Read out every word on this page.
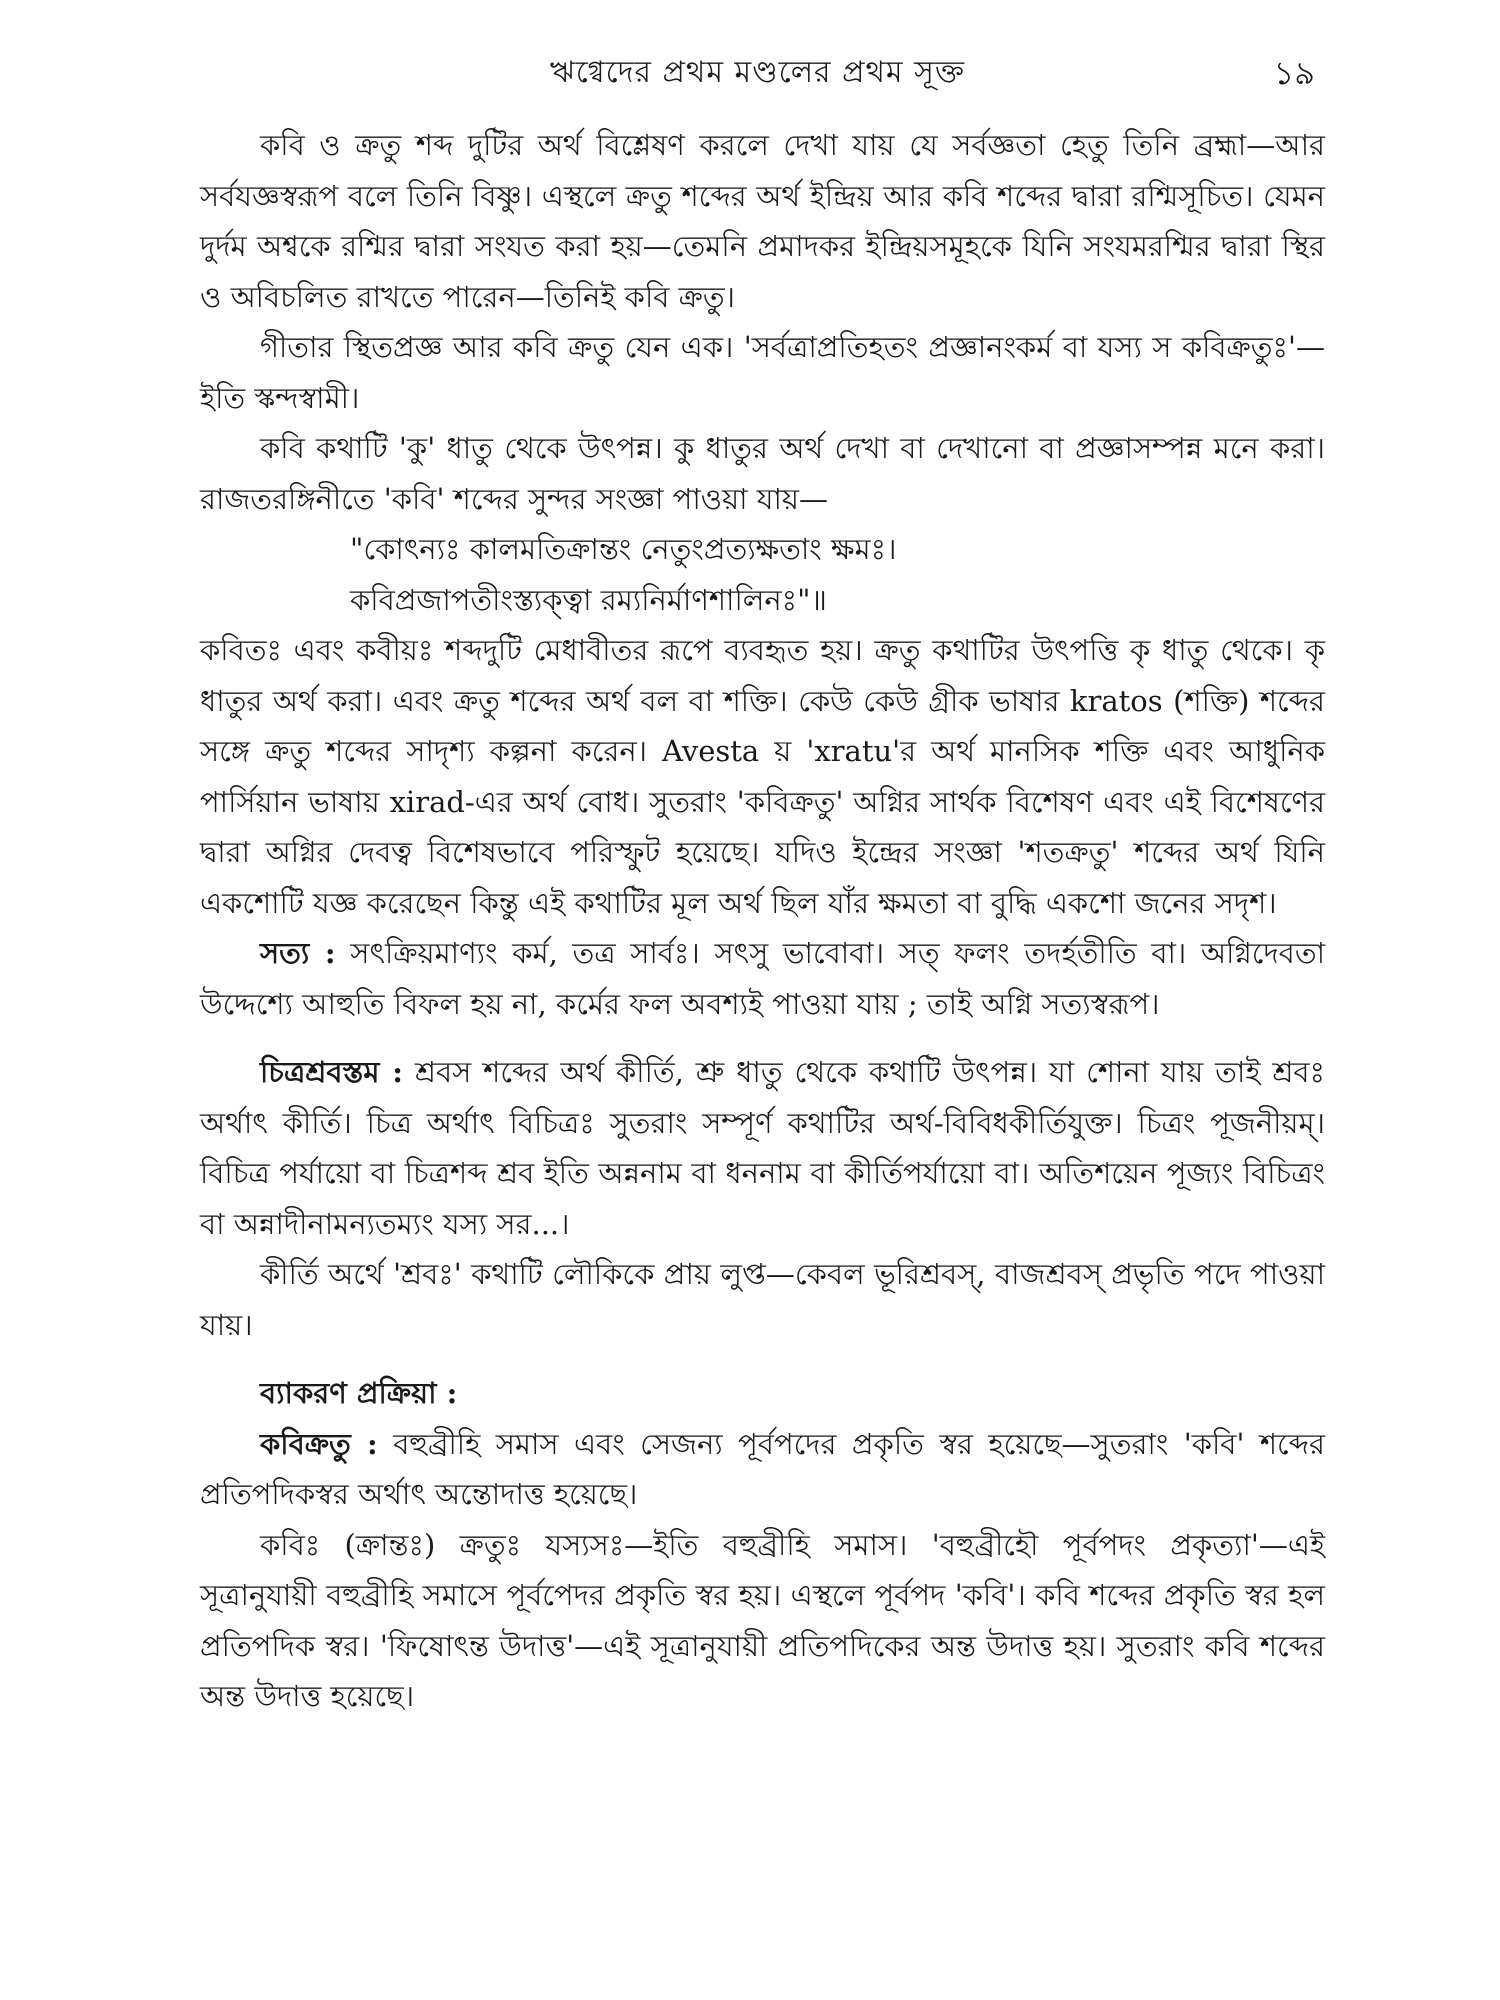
ঋগ্বেদের প্রথম মণ্ডলের প্রথম সূক্ত	১৯

কবি ও ক্রতু শব্দ দুটির অর্থ বিশ্লেষণ করলে দেখা যায় যে সর্বজ্ঞতা হেতু তিনি ব্রহ্মা—আর সর্বযজ্ঞস্বরূপ বলে তিনি বিষ্ণু। এস্থলে ক্রতু শব্দের অর্থ ইন্দ্রিয় আর কবি শব্দের দ্বারা রশ্মিসূচিত। যেমন দুর্দম অশ্বকে রশ্মির দ্বারা সংযত করা হয়—তেমনি প্রমাদকর ইন্দ্রিয়সমূহকে যিনি সংযমরশ্মির দ্বারা স্থির ও অবিচলিত রাখতে পারেন—তিনিই কবি ক্রতু।

গীতার স্থিতপ্রজ্ঞ আর কবি ক্রতু যেন এক। 'সর্বত্রাপ্রতিহতং প্রজ্ঞানংকর্ম বা যস্য স কবিক্রতুঃ'—ইতি স্কন্দস্বামী।

কবি কথাটি 'কু' ধাতু থেকে উৎপন্ন। কু ধাতুর অর্থ দেখা বা দেখানো বা প্রজ্ঞাসম্পন্ন মনে করা। রাজতরঙ্গিনীতে 'কবি' শব্দের সুন্দর সংজ্ঞা পাওয়া যায়—

"কোৎন্যঃ কালমতিক্রান্তং নেতুংপ্রত্যক্ষতাং ক্ষমঃ।

কবিপ্রজাপতীংস্ত্যক্ত্বা রম্যনির্মাণশালিনঃ"॥

কবিতঃ এবং কবীয়ঃ শব্দদুটি মেধাবীতর রূপে ব্যবহৃত হয়। ক্রতু কথাটির উৎপত্তি কৃ ধাতু থেকে। কৃ ধাতুর অর্থ করা। এবং ক্রতু শব্দের অর্থ বল বা শক্তি। কেউ কেউ গ্রীক ভাষার kratos (শক্তি) শব্দের সঙ্গে ক্রতু শব্দের সাদৃশ্য কল্পনা করেন। Avesta য় 'xratu'র অর্থ মানসিক শক্তি এবং আধুনিক পার্সিয়ান ভাষায় xirad-এর অর্থ বোধ। সুতরাং 'কবিক্রতু' অগ্নির সার্থক বিশেষণ এবং এই বিশেষণের দ্বারা অগ্নির দেবত্ব বিশেষভাবে পরিস্ফুট হয়েছে। যদিও ইন্দ্রের সংজ্ঞা 'শতক্রতু' শব্দের অর্থ যিনি একশোটি যজ্ঞ করেছেন কিন্তু এই কথাটির মূল অর্থ ছিল যাঁর ক্ষমতা বা বুদ্ধি একশো জনের সদৃশ।

সত্য : সৎক্রিয়মাণ্যং কর্ম, তত্র সার্বঃ। সৎসু ভাবোবা। সত্ ফলং তদর্হতীতি বা। অগ্নিদেবতা উদ্দেশ্যে আহুতি বিফল হয় না, কর্মের ফল অবশ্যই পাওয়া যায় ; তাই অগ্নি সত্যস্বরূপ।

চিত্রশ্রবস্তম : শ্রবস শব্দের অর্থ কীর্তি, শ্রু ধাতু থেকে কথাটি উৎপন্ন। যা শোনা যায় তাই শ্রবঃ অর্থাৎ কীর্তি। চিত্র অর্থাৎ বিচিত্রঃ সুতরাং সম্পূর্ণ কথাটির অর্থ-বিবিধকীর্তিযুক্ত। চিত্রং পূজনীয়ম্। বিচিত্র পর্যায়ো বা চিত্রশব্দ শ্রব ইতি অন্ননাম বা ধননাম বা কীর্তিপর্যায়ো বা। অতিশয়েন পূজ্যং বিচিত্রং বা অন্নাদীনামন্যতম্যং যস্য সর...।

কীর্তি অর্থে 'শ্রবঃ' কথাটি লৌকিকে প্রায় লুপ্ত—কেবল ভূরিশ্রবস্, বাজশ্রবস্ প্রভৃতি পদে পাওয়া যায়।

ব্যাকরণ প্রক্রিয়া :

কবিক্রতু : বহুব্রীহি সমাস এবং সেজন্য পূর্বপদের প্রকৃতি স্বর হয়েছে—সুতরাং 'কবি' শব্দের প্রতিপদিকস্বর অর্থাৎ অন্তোদাত্ত হয়েছে।

কবিঃ (ক্রান্তঃ) ক্রতুঃ যস্যসঃ—ইতি বহুব্রীহি সমাস। 'বহুব্রীহৌ পূর্বপদং প্রকৃত্যা'—এই সূত্রানুযায়ী বহুব্রীহি সমাসে পূর্বপেদর প্রকৃতি স্বর হয়। এস্থলে পূর্বপদ 'কবি'। কবি শব্দের প্রকৃতি স্বর হল প্রতিপদিক স্বর। 'ফিষোৎন্ত উদাত্ত'—এই সূত্রানুযায়ী প্রতিপদিকের অন্ত উদাত্ত হয়। সুতরাং কবি শব্দের অন্ত উদাত্ত হয়েছে।
